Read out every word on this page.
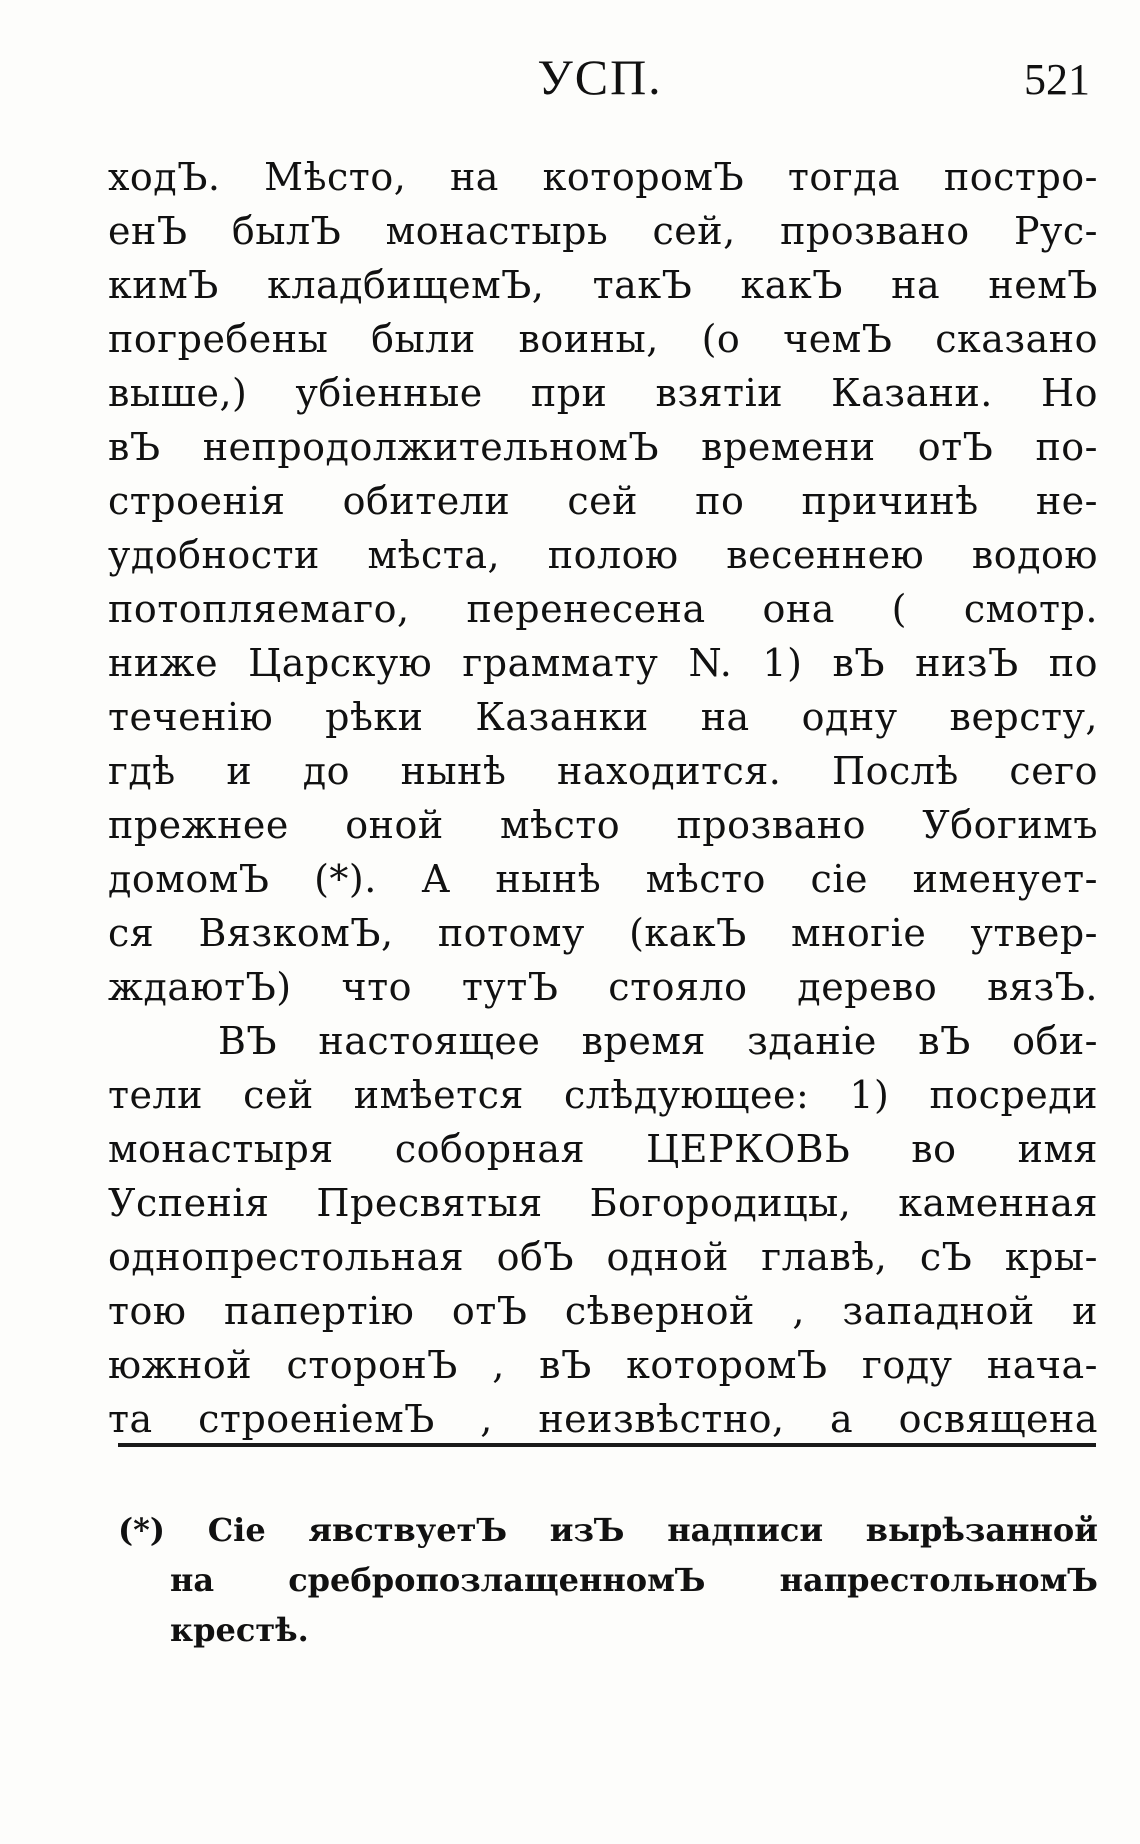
УСП.	521
ходЪ. Мѣсто, на которомЪ тогда постро-
енЪ былЪ монастырь сей, прозвано Рус-
кимЪ кладбищемЪ, такЪ какЪ на немЪ
погребены были воины, (о чемЪ сказано
выше,) убіенные при взятіи Казани. Но
вЪ непродолжительномЪ времени отЪ по-
строенія обители сей по причинѣ не-
удобности мѣста, полою весеннею водою
потопляемаго, перенесена она ( смотр.
ниже Царскую граммату N. 1) вЪ низЪ по
теченію рѣки Казанки на одну версту,
гдѣ и до нынѣ находится. Послѣ сего
прежнее оной мѣсто прозвано Убогимъ
домомЪ (*). А нынѣ мѣсто сіе именует-
ся ВязкомЪ, потому (какЪ многіе утвер-
ждаютЪ) что тутЪ стояло дерево вязЪ.
ВЪ настоящее время зданіе вЪ оби-
тели сей имѣется слѣдующее: 1) посреди
монастыря соборная ЦЕРКОВЬ во имя
Успенія Пресвятыя Богородицы, каменная
однопрестольная обЪ одной главѣ, сЪ кры-
тою папертію отЪ сѣверной , западной и
южной сторонЪ , вЪ которомЪ году нача-
та строеніемЪ , неизвѣстно, а освящена
(*) Сіе явствуетЪ изЪ надписи вырѣзанной
на сребропозлащенномЪ напрестольномЪ
крестѣ.
